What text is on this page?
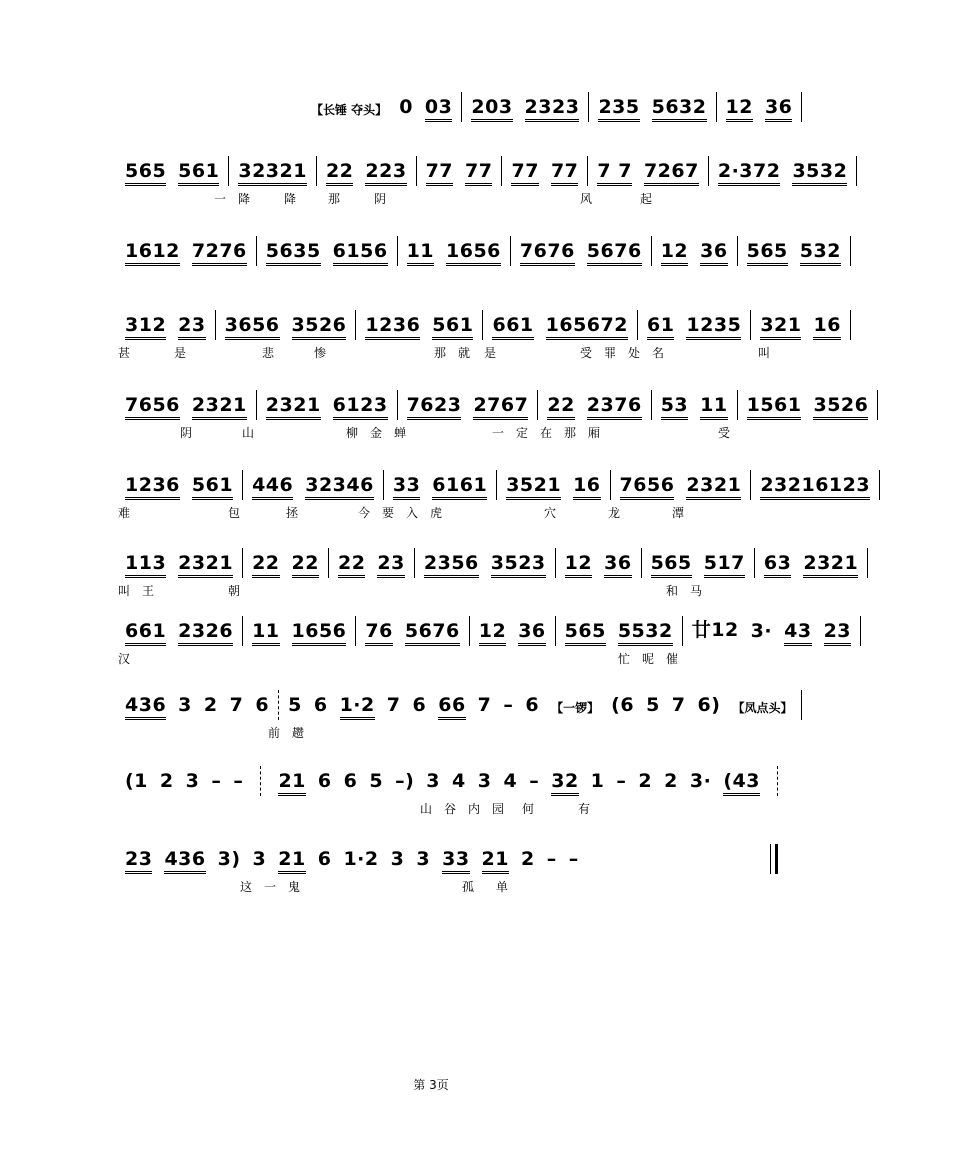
【长锤 夺头】 0 03 203 2323 235 5632 12 36
565 561 32321 22 223 77 77 77 77 7 7 7267 2·372 3532
一降 降 那 阴	风	起
1612 7276 5635 6156 11 1656 7676 5676 12 36 565 532
312 23 3656 3526 1236 561 661 165672 61 1235 321 16
甚	是	悲 惨	那就 是	受罪处名	叫
7656 2321 2321 6123 7623 2767 22 2376 53 11 1561 3526
阴	山	柳金蝉	一定在那厢	受
1236 561 446 32346 33 6161 3521 16 7656 2321 23216123
难	包	拯	今要入虎	穴	龙	潭
113 2321 22 22 22 23 2356 3523 12 36 565 517 63 2321
叫王	朝	和马
661 2326 11 1656 76 5676 12 36 565 5532 廿12 3· 43 23
汉	忙呢催
436 3 2 7 6 5 6 1·2 7 6 66 7 – 6 【一锣】 (6 5 7 6) 【凤点头】
前趱
(1 2 3 – – 21 6 6 5 –) 3 4 3 4 – 32 1 – 2 2 3· (43
山谷内园 何	有
23 436 3) 3 21 6 1·2 3 3 33 21 2 – –
这一鬼	孤 单
第 3页
